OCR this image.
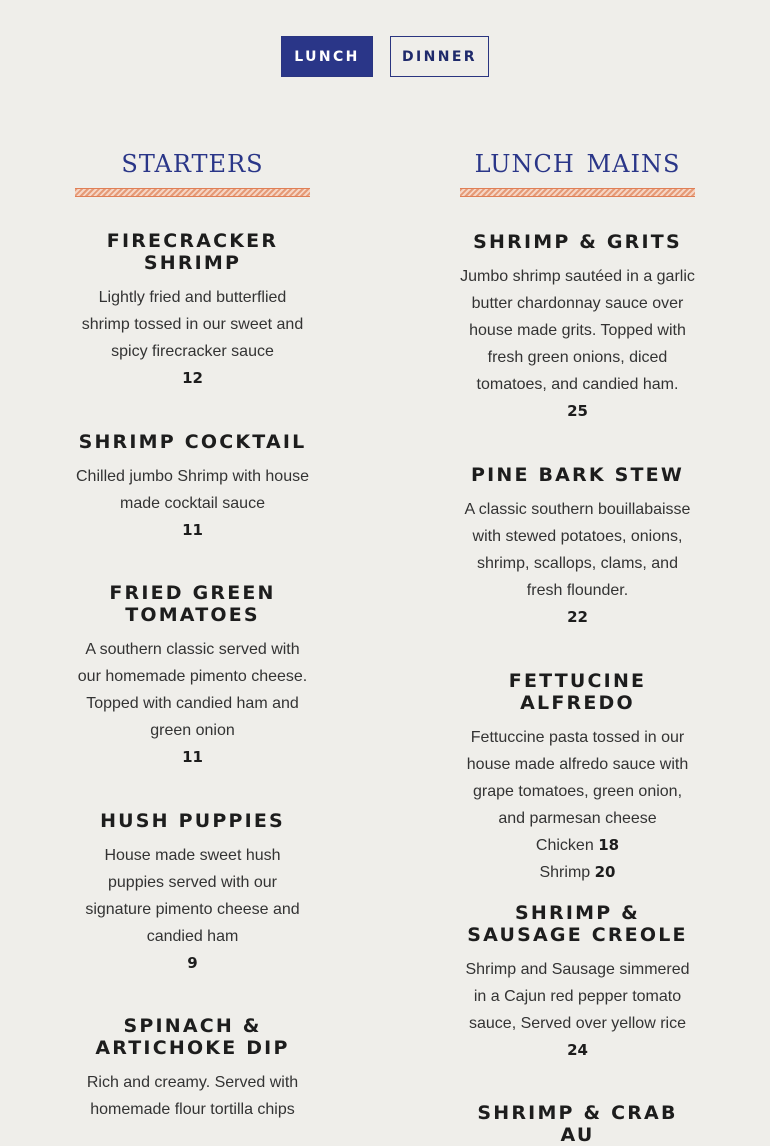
LUNCH	DINNER
starters
FIRECRACKER SHRIMP

Lightly fried and butterflied shrimp tossed in our sweet and spicy firecracker sauce

12
SHRIMP COCKTAIL

Chilled jumbo Shrimp with house made cocktail sauce

11
FRIED GREEN TOMATOES

A southern classic served with our homemade pimento cheese. Topped with candied ham and green onion

11
HUSH PUPPIES

House made sweet hush puppies served with our signature pimento cheese and candied ham

9
SPINACH & ARTICHOKE DIP

Rich and creamy. Served with homemade flour tortilla chips

lunch mains
SHRIMP & GRITS

Jumbo shrimp sautéed in a garlic butter chardonnay sauce over house made grits. Topped with fresh green onions, diced tomatoes, and candied ham.

25
PINE BARK STEW

A classic southern bouillabaisse with stewed potatoes, onions, shrimp, scallops, clams, and fresh flounder.

22
FETTUCINE ALFREDO

Fettuccine pasta tossed in our house made alfredo sauce with grape tomatoes, green onion, and parmesan cheese

Chicken 18
Shrimp 20
SHRIMP & SAUSAGE CREOLE

Shrimp and Sausage simmered in a Cajun red pepper tomato sauce, Served over yellow rice

24
SHRIMP & CRAB AU
